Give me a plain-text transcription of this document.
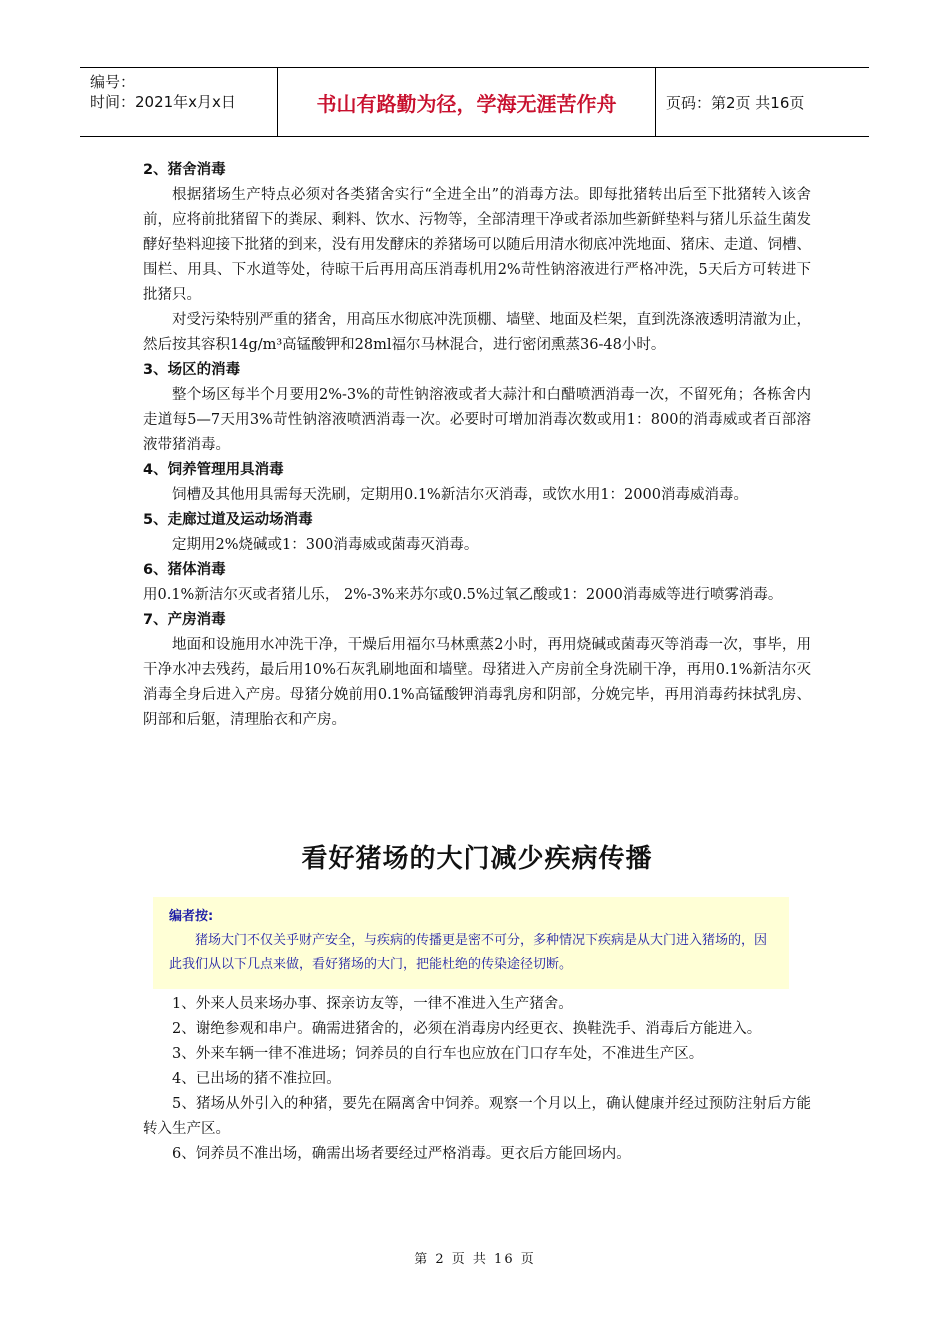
编号：
时间：2021年x月x日	书山有路勤为径，学海无涯苦作舟	页码：第2页 共16页

2、猪舍消毒

根据猪场生产特点必须对各类猪舍实行“全进全出”的消毒方法。即每批猪转出后至下批猪转入该舍前，应将前批猪留下的粪尿、剩料、饮水、污物等，全部清理干净或者添加些新鲜垫料与猪儿乐益生菌发酵好垫料迎接下批猪的到来，没有用发酵床的养猪场可以随后用清水彻底冲洗地面、猪床、走道、饲槽、围栏、用具、下水道等处，待晾干后再用高压消毒机用2%苛性钠溶液进行严格冲洗，5天后方可转进下批猪只。

对受污染特别严重的猪舍，用高压水彻底冲洗顶棚、墙壁、地面及栏架，直到洗涤液透明清澈为止，然后按其容积14g/m³高锰酸钾和28ml福尔马林混合，进行密闭熏蒸36-48小时。

3、场区的消毒

整个场区每半个月要用2%-3%的苛性钠溶液或者大蒜汁和白醋喷洒消毒一次，不留死角；各栋舍内走道每5—7天用3%苛性钠溶液喷洒消毒一次。必要时可增加消毒次数或用1：800的消毒威或者百部溶液带猪消毒。

4、饲养管理用具消毒

饲槽及其他用具需每天洗刷，定期用0.1%新洁尔灭消毒，或饮水用1：2000消毒威消毒。

5、走廊过道及运动场消毒

定期用2%烧碱或1：300消毒威或菌毒灭消毒。

6、猪体消毒

用0.1%新洁尔灭或者猪儿乐， 2%-3%来苏尔或0.5%过氧乙酸或1：2000消毒威等进行喷雾消毒。

7、产房消毒

地面和设施用水冲洗干净，干燥后用福尔马林熏蒸2小时，再用烧碱或菌毒灭等消毒一次，事毕，用干净水冲去残药，最后用10%石灰乳刷地面和墙壁。母猪进入产房前全身洗刷干净，再用0.1%新洁尔灭消毒全身后进入产房。母猪分娩前用0.1%高锰酸钾消毒乳房和阴部，分娩完毕，再用消毒药抹拭乳房、阴部和后躯，清理胎衣和产房。

看好猪场的大门减少疾病传播
编者按:

猪场大门不仅关乎财产安全，与疾病的传播更是密不可分，多种情况下疾病是从大门进入猪场的，因此我们从以下几点来做，看好猪场的大门，把能杜绝的传染途径切断。

1、外来人员来场办事、探亲访友等，一律不准进入生产猪舍。

2、谢绝参观和串户。确需进猪舍的，必须在消毒房内经更衣、换鞋洗手、消毒后方能进入。

3、外来车辆一律不准进场；饲养员的自行车也应放在门口存车处，不准进生产区。

4、已出场的猪不准拉回。

5、猪场从外引入的种猪，要先在隔离舍中饲养。观察一个月以上，确认健康并经过预防注射后方能转入生产区。

6、饲养员不准出场，确需出场者要经过严格消毒。更衣后方能回场内。

第 2 页 共 16 页
